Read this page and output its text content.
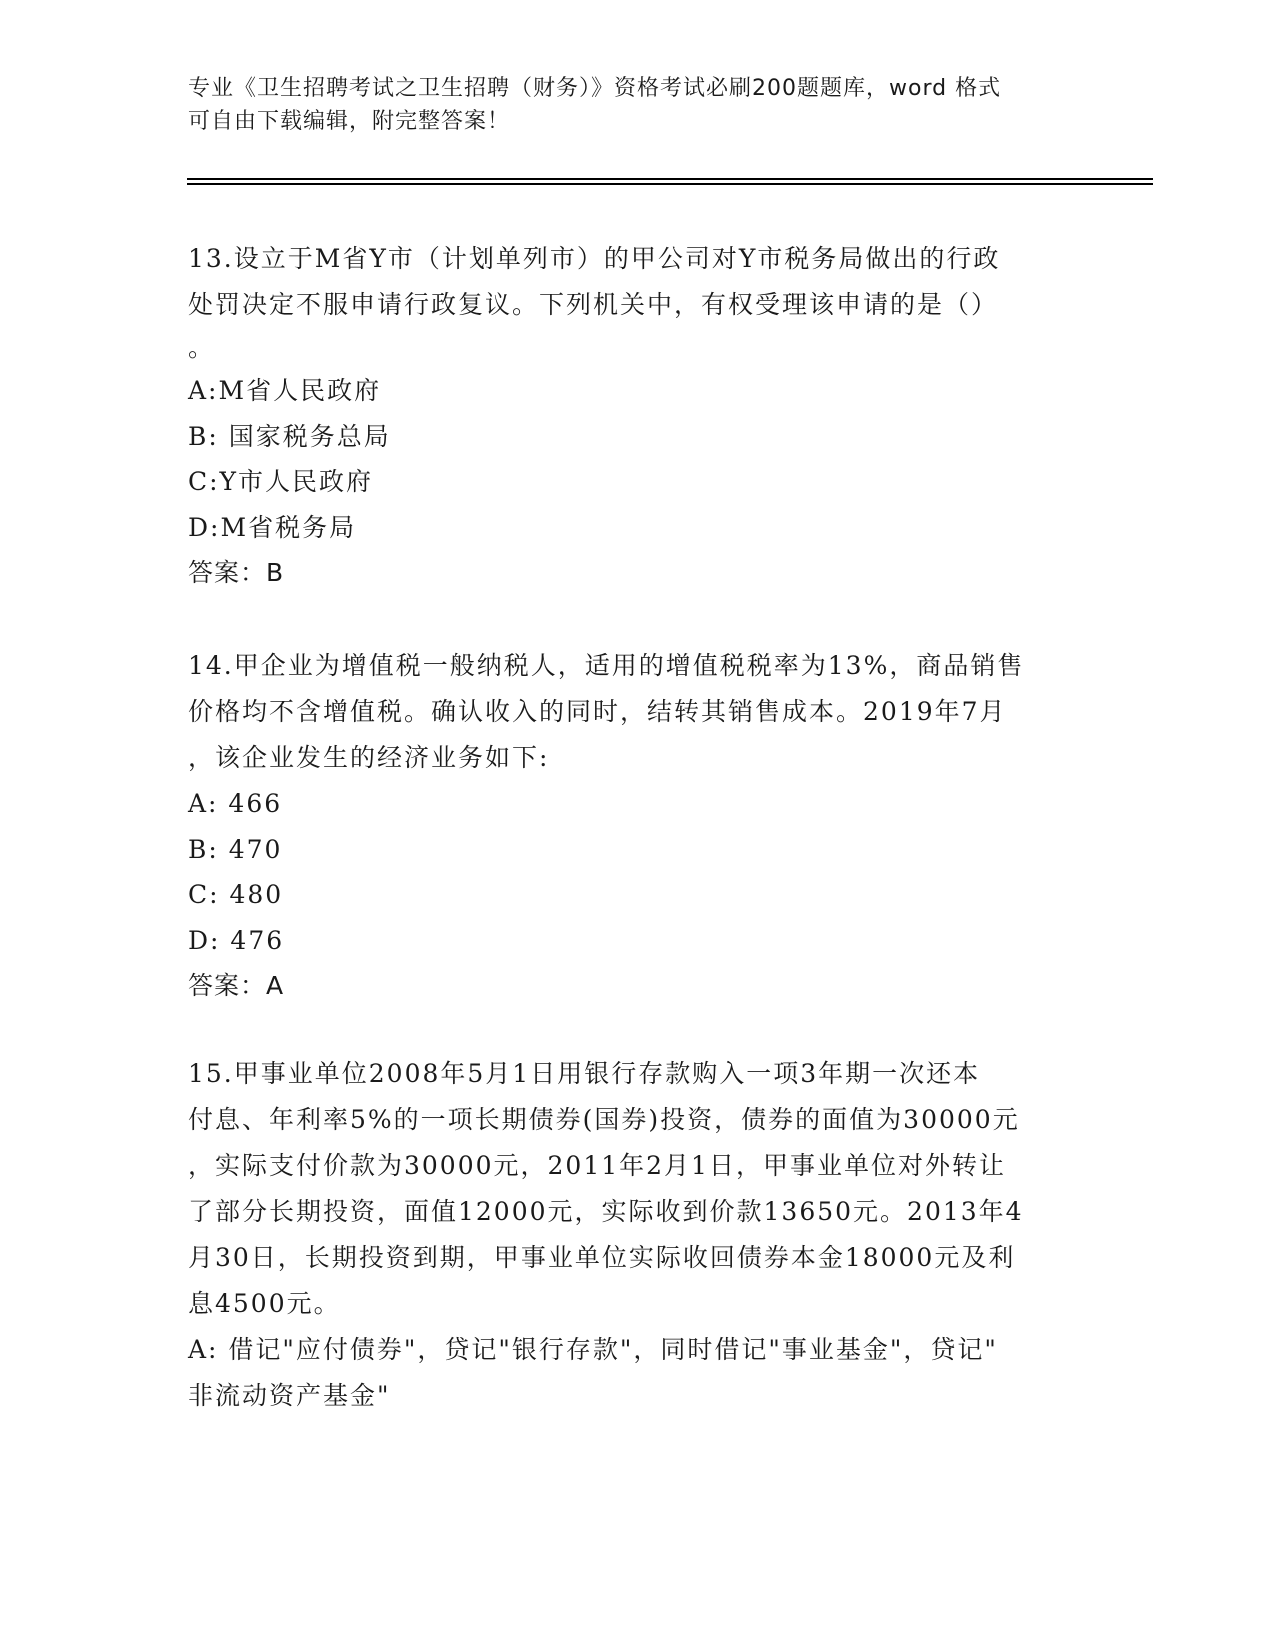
专业《卫生招聘考试之卫生招聘（财务）》资格考试必刷200题题库，word 格式
可自由下载编辑，附完整答案！
13.设立于M省Y市（计划单列市）的甲公司对Y市税务局做出的行政
处罚决定不服申请行政复议。下列机关中，有权受理该申请的是（）
。
A:M省人民政府
B: 国家税务总局
C:Y市人民政府
D:M省税务局
答案：B
14.甲企业为增值税一般纳税人，适用的增值税税率为13%，商品销售
价格均不含增值税。确认收入的同时，结转其销售成本。2019年7月
，该企业发生的经济业务如下:
A: 466
B: 470
C: 480
D: 476
答案：A
15.甲事业单位2008年5月1日用银行存款购入一项3年期一次还本
付息、年利率5%的一项长期债券(国券)投资，债券的面值为30000元
，实际支付价款为30000元，2011年2月1日，甲事业单位对外转让
了部分长期投资，面值12000元，实际收到价款13650元。2013年4
月30日，长期投资到期，甲事业单位实际收回债券本金18000元及利
息4500元。
A: 借记"应付债券"，贷记"银行存款"，同时借记"事业基金"，贷记"
非流动资产基金"
